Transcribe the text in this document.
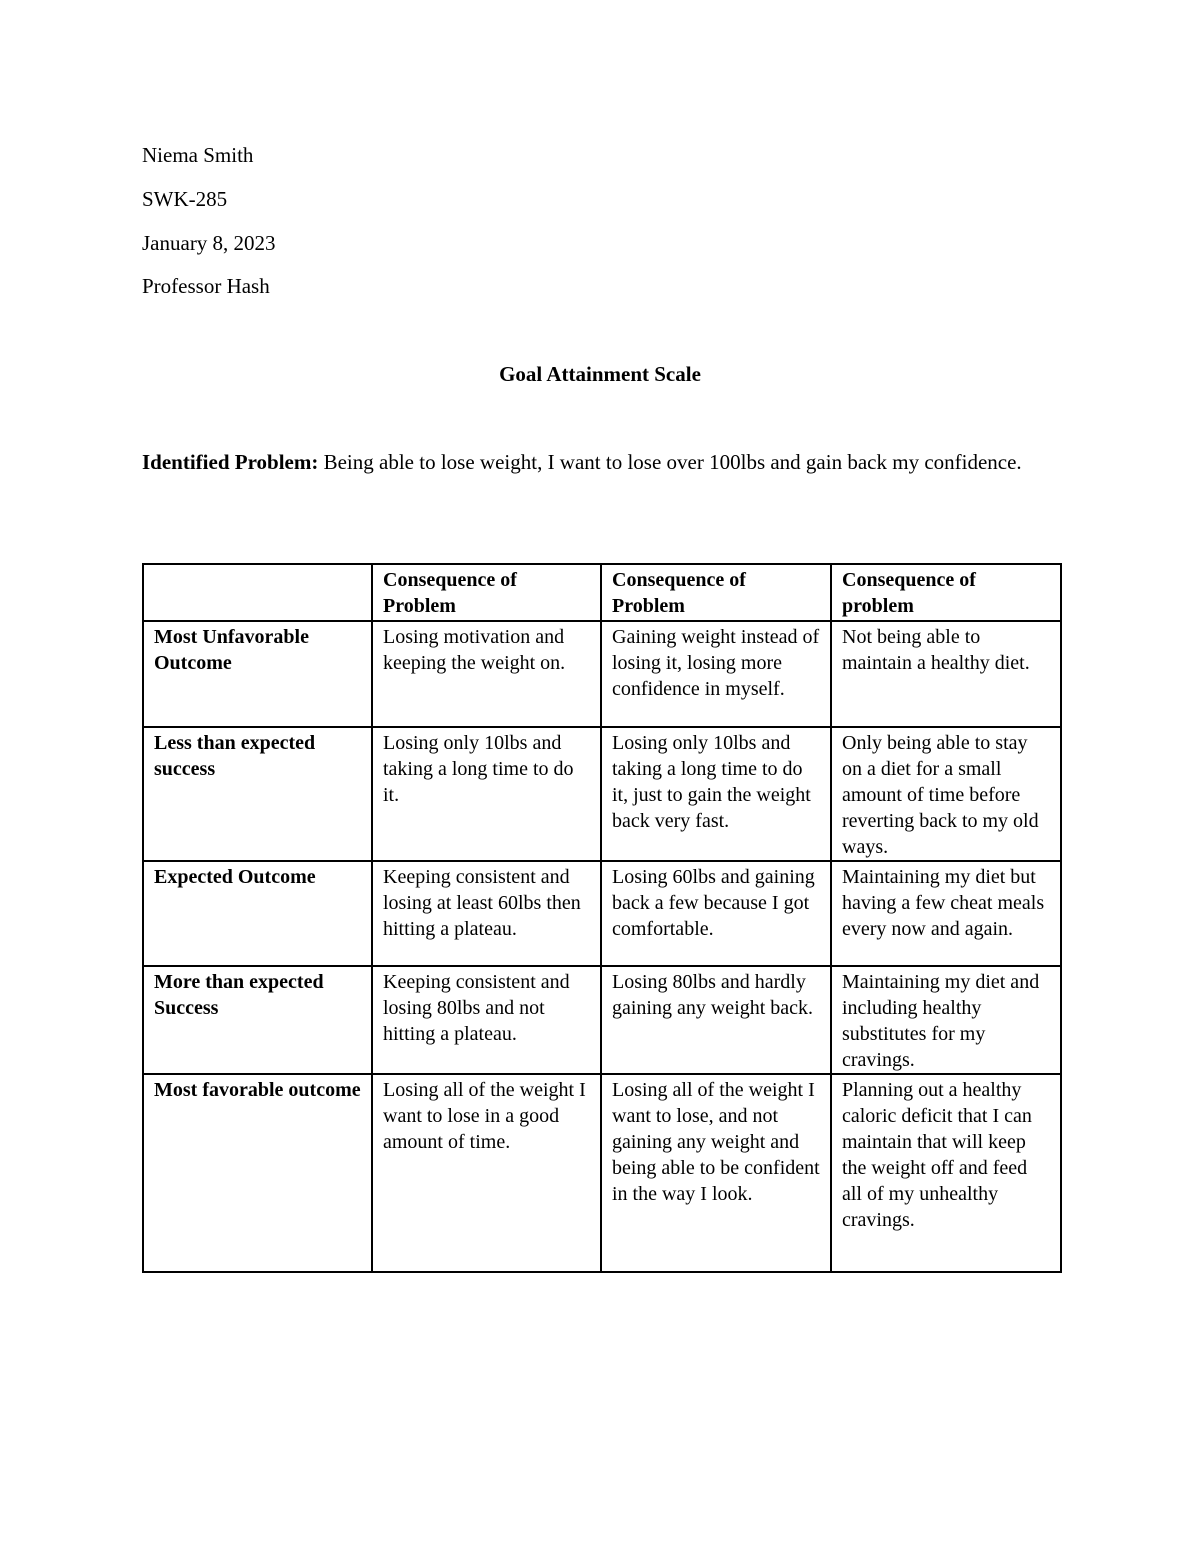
Niema Smith
SWK-285
January 8, 2023
Professor Hash
Goal Attainment Scale
Identified Problem: Being able to lose weight, I want to lose over 100lbs and gain back my confidence.
	Consequence of Problem	Consequence of Problem	Consequence of problem
Most Unfavorable Outcome	Losing motivation and keeping the weight on.	Gaining weight instead of losing it, losing more confidence in myself.	Not being able to maintain a healthy diet.
Less than expected success	Losing only 10lbs and taking a long time to do it.	Losing only 10lbs and taking a long time to do it, just to gain the weight back very fast.	Only being able to stay on a diet for a small amount of time before reverting back to my old ways.
Expected Outcome	Keeping consistent and losing at least 60lbs then hitting a plateau.	Losing 60lbs and gaining back a few because I got comfortable.	Maintaining my diet but having a few cheat meals every now and again.
More than expected Success	Keeping consistent and losing 80lbs and not hitting a plateau.	Losing 80lbs and hardly gaining any weight back.	Maintaining my diet and including healthy substitutes for my cravings.
Most favorable outcome	Losing all of the weight I want to lose in a good amount of time.	Losing all of the weight I want to lose, and not gaining any weight and being able to be confident in the way I look.	Planning out a healthy caloric deficit that I can maintain that will keep the weight off and feed all of my unhealthy cravings.
